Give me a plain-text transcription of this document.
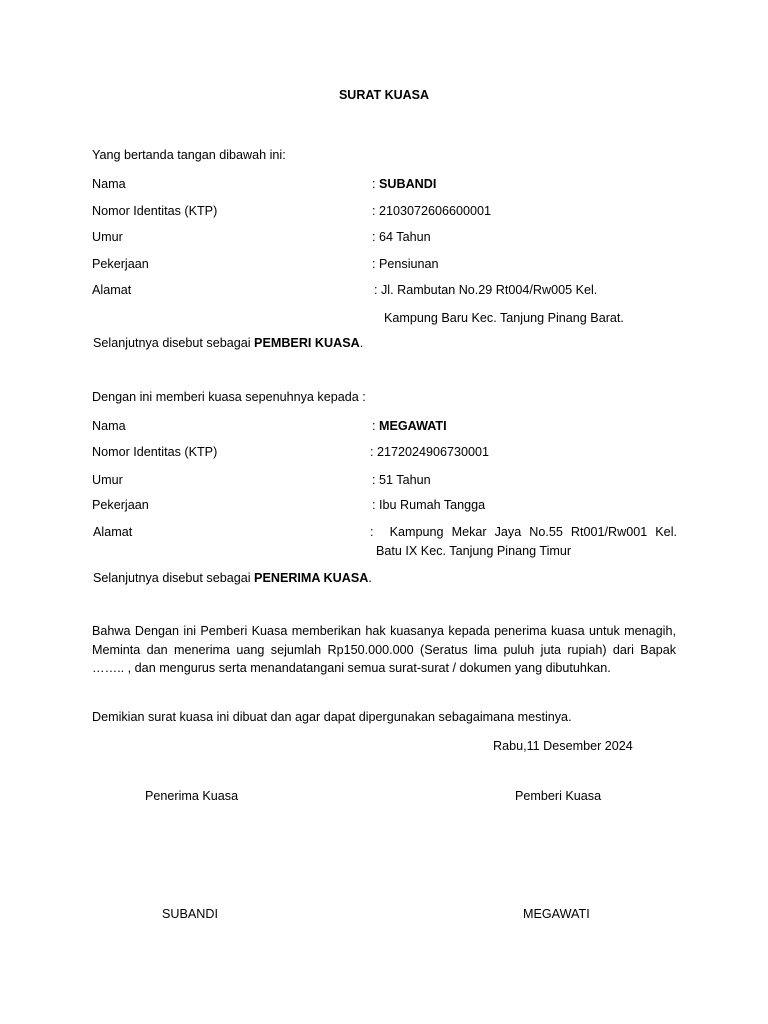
SURAT KUASA
Yang bertanda tangan dibawah ini:
Nama	: SUBANDI
Nomor Identitas (KTP)	: 2103072606600001
Umur	: 64 Tahun
Pekerjaan	: Pensiunan
Alamat	: Jl. Rambutan No.29 Rt004/Rw005 Kel.
Kampung Baru Kec. Tanjung Pinang Barat.
Selanjutnya disebut sebagai PEMBERI KUASA.
Dengan ini memberi kuasa sepenuhnya kepada :
Nama	: MEGAWATI
Nomor Identitas (KTP)	: 2172024906730001
Umur	: 51 Tahun
Pekerjaan	: Ibu Rumah Tangga
Alamat	:  Kampung Mekar Jaya No.55 Rt001/Rw001 Kel.
Batu IX Kec. Tanjung Pinang Timur
Selanjutnya disebut sebagai PENERIMA KUASA.
Bahwa Dengan ini Pemberi Kuasa memberikan hak kuasanya kepada penerima kuasa untuk menagih, Meminta dan menerima uang sejumlah Rp150.000.000 (Seratus lima puluh juta rupiah) dari Bapak …….. , dan mengurus serta menandatangani semua surat-surat / dokumen yang dibutuhkan.
Demikian surat kuasa ini dibuat dan agar dapat dipergunakan sebagaimana mestinya.
Rabu,11 Desember 2024
Penerima Kuasa	Pemberi Kuasa
SUBANDI	MEGAWATI
